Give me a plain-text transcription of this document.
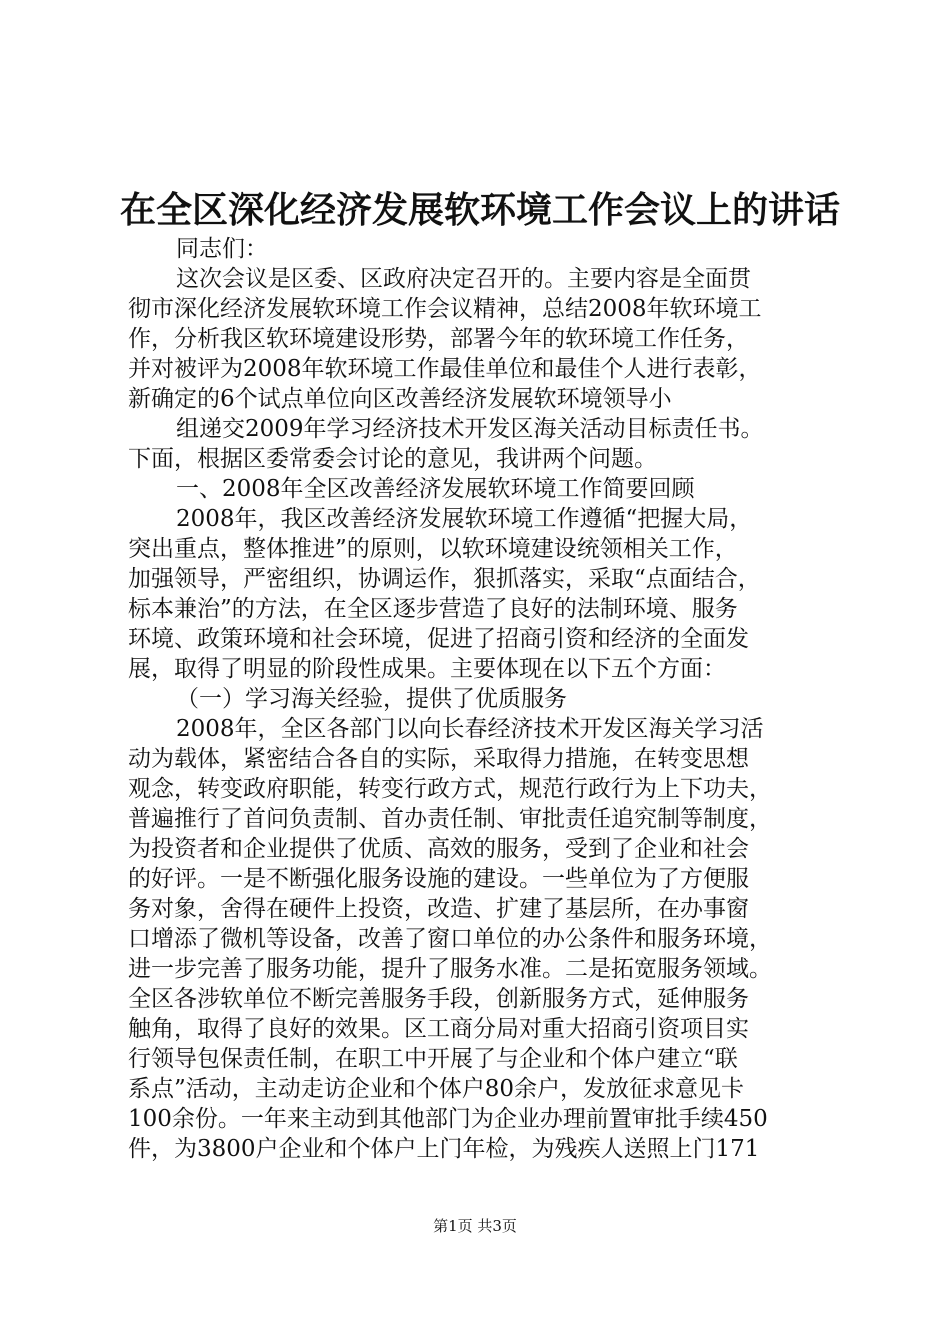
在全区深化经济发展软环境工作会议上的讲话
同志们：
这次会议是区委、区政府决定召开的。主要内容是全面贯
彻市深化经济发展软环境工作会议精神，总结2008年软环境工
作，分析我区软环境建设形势，部署今年的软环境工作任务，
并对被评为2008年软环境工作最佳单位和最佳个人进行表彰，
新确定的6个试点单位向区改善经济发展软环境领导小
组递交2009年学习经济技术开发区海关活动目标责任书。
下面，根据区委常委会讨论的意见，我讲两个问题。
一、2008年全区改善经济发展软环境工作简要回顾
2008年，我区改善经济发展软环境工作遵循“把握大局，
突出重点，整体推进”的原则，以软环境建设统领相关工作，
加强领导，严密组织，协调运作，狠抓落实，采取“点面结合，
标本兼治”的方法，在全区逐步营造了良好的法制环境、服务
环境、政策环境和社会环境，促进了招商引资和经济的全面发
展，取得了明显的阶段性成果。主要体现在以下五个方面：
（一）学习海关经验，提供了优质服务
2008年，全区各部门以向长春经济技术开发区海关学习活
动为载体，紧密结合各自的实际，采取得力措施，在转变思想
观念，转变政府职能，转变行政方式，规范行政行为上下功夫，
普遍推行了首问负责制、首办责任制、审批责任追究制等制度，
为投资者和企业提供了优质、高效的服务，受到了企业和社会
的好评。一是不断强化服务设施的建设。一些单位为了方便服
务对象，舍得在硬件上投资，改造、扩建了基层所，在办事窗
口增添了微机等设备，改善了窗口单位的办公条件和服务环境，
进一步完善了服务功能，提升了服务水准。二是拓宽服务领域。
全区各涉软单位不断完善服务手段，创新服务方式，延伸服务
触角，取得了良好的效果。区工商分局对重大招商引资项目实
行领导包保责任制，在职工中开展了与企业和个体户建立“联
系点”活动，主动走访企业和个体户80余户，发放征求意见卡
100余份。一年来主动到其他部门为企业办理前置审批手续450
件，为3800户企业和个体户上门年检，为残疾人送照上门171
第1页 共3页
